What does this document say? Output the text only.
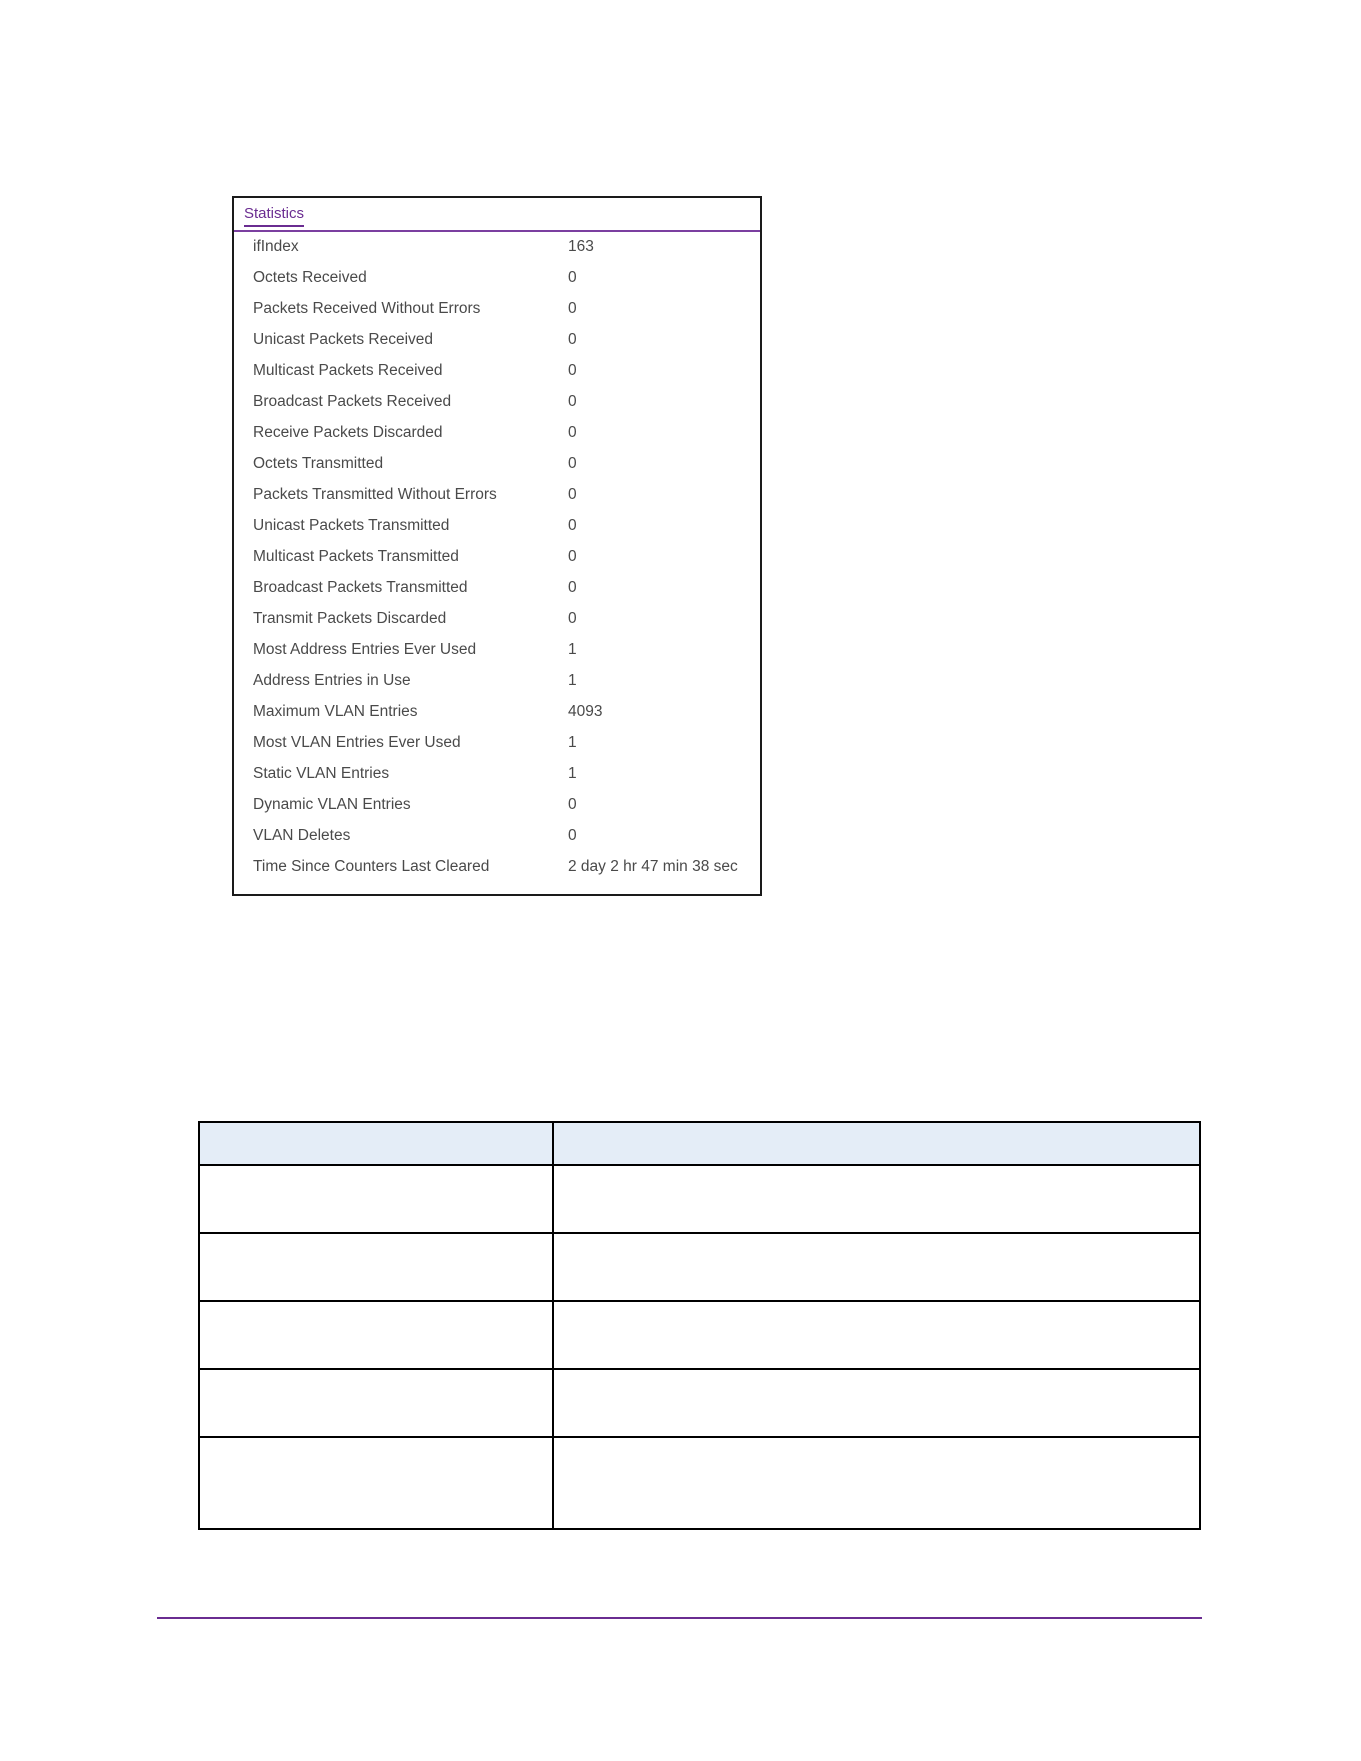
Statistics
ifIndex	163
Octets Received	0
Packets Received Without Errors	0
Unicast Packets Received	0
Multicast Packets Received	0
Broadcast Packets Received	0
Receive Packets Discarded	0
Octets Transmitted	0
Packets Transmitted Without Errors	0
Unicast Packets Transmitted	0
Multicast Packets Transmitted	0
Broadcast Packets Transmitted	0
Transmit Packets Discarded	0
Most Address Entries Ever Used	1
Address Entries in Use	1
Maximum VLAN Entries	4093
Most VLAN Entries Ever Used	1
Static VLAN Entries	1
Dynamic VLAN Entries	0
VLAN Deletes	0
Time Since Counters Last Cleared	2 day 2 hr 47 min 38 sec
